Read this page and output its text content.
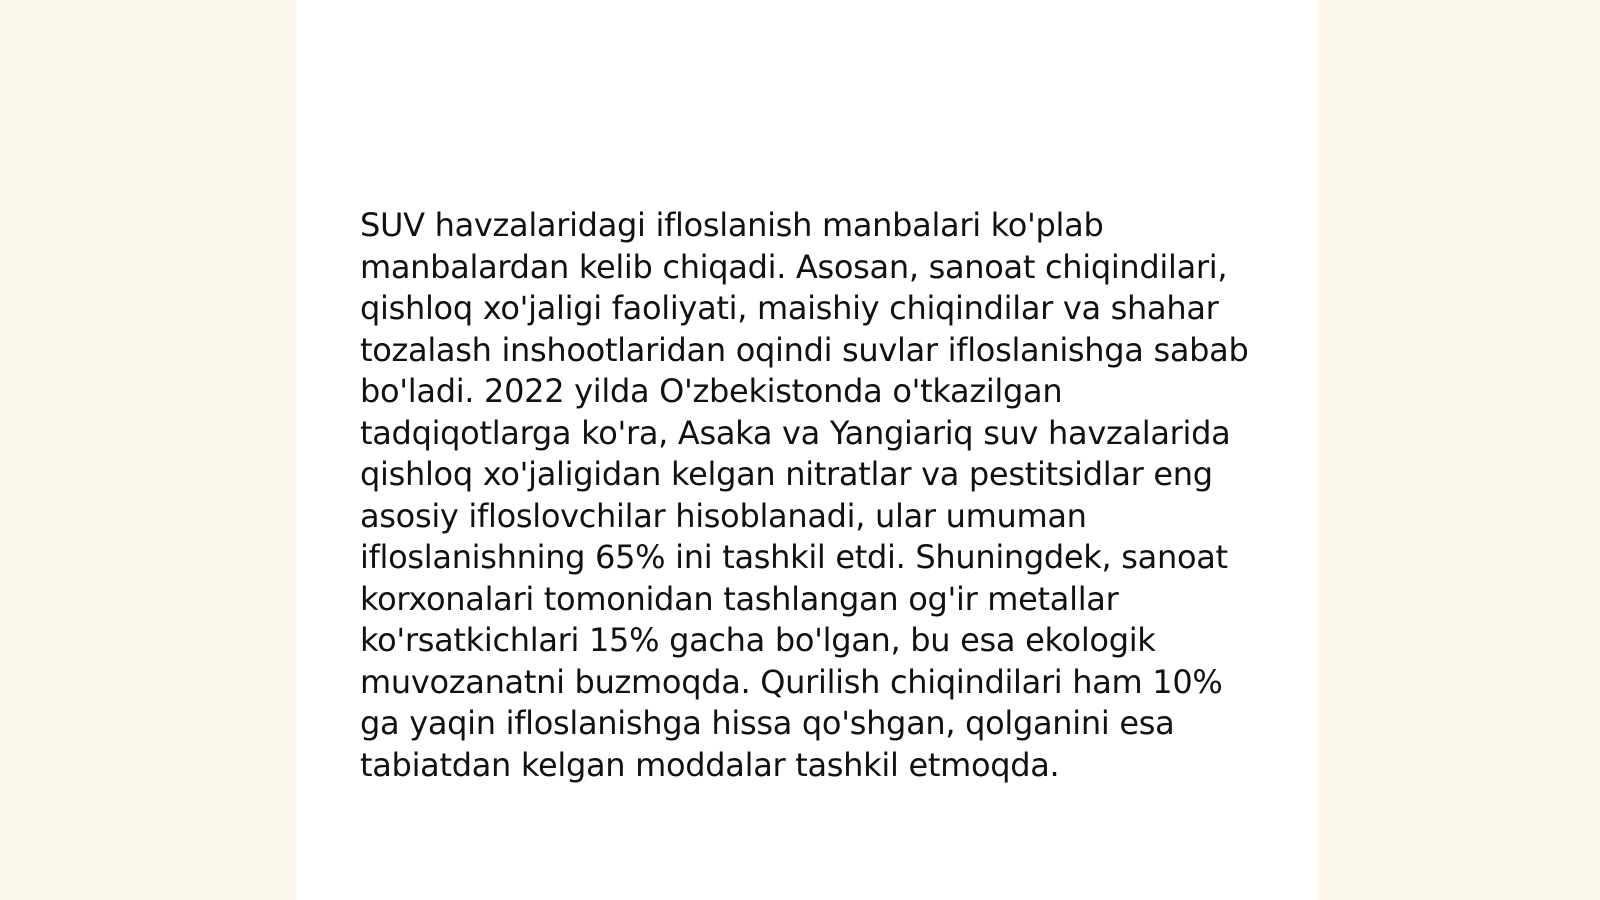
SUV havzalaridagi ifloslanish manbalari ko'plab manbalardan kelib chiqadi. Asosan, sanoat chiqindilari, qishloq xo'jaligi faoliyati, maishiy chiqindilar va shahar tozalash inshootlaridan oqindi suvlar ifloslanishga sabab bo'ladi. 2022 yilda O'zbekistonda o'tkazilgan tadqiqotlarga ko'ra, Asaka va Yangiariq suv havzalarida qishloq xo'jaligidan kelgan nitratlar va pestitsidlar eng asosiy ifloslovchilar hisoblanadi, ular umuman ifloslanishning 65% ini tashkil etdi. Shuningdek, sanoat korxonalari tomonidan tashlangan og'ir metallar ko'rsatkichlari 15% gacha bo'lgan, bu esa ekologik muvozanatni buzmoqda. Qurilish chiqindilari ham 10% ga yaqin ifloslanishga hissa qo'shgan, qolganini esa tabiatdan kelgan moddalar tashkil etmoqda.
